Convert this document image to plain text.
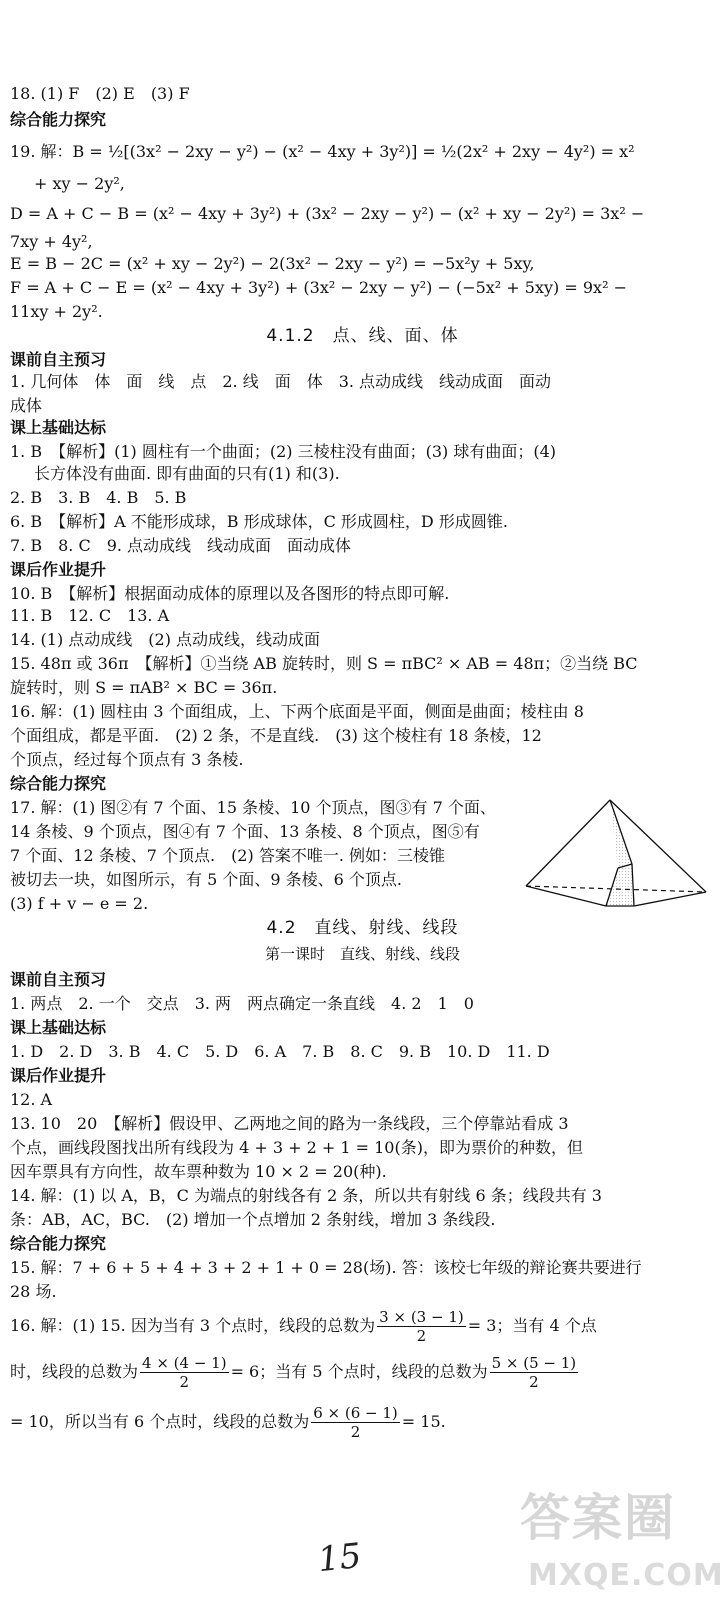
18. (1) F　(2) E　(3) F
综合能力探究
19. 解：B = ½[(3x² − 2xy − y²) − (x² − 4xy + 3y²)] = ½(2x² + 2xy − 4y²) = x²
+ xy − 2y²,
D = A + C − B = (x² − 4xy + 3y²) + (3x² − 2xy − y²) − (x² + xy − 2y²) = 3x² −
7xy + 4y²,
E = B − 2C = (x² + xy − 2y²) − 2(3x² − 2xy − y²) = −5x²y + 5xy,
F = A + C − E = (x² − 4xy + 3y²) + (3x² − 2xy − y²) − (−5x² + 5xy) = 9x² −
11xy + 2y².
4.1.2　点、线、面、体
课前自主预习
1. 几何体　体　面　线　点　2. 线　面　体　3. 点动成线　线动成面　面动
成体
课上基础达标
1. B　【解析】(1) 圆柱有一个曲面；(2) 三棱柱没有曲面；(3) 球有曲面；(4)
长方体没有曲面. 即有曲面的只有(1) 和(3).
2. B　3. B　4. B　5. B
6. B　【解析】A 不能形成球，B 形成球体，C 形成圆柱，D 形成圆锥.
7. B　8. C　9. 点动成线　线动成面　面动成体
课后作业提升
10. B　【解析】根据面动成体的原理以及各图形的特点即可解.
11. B　12. C　13. A
14. (1) 点动成线　(2) 点动成线，线动成面
15. 48π 或 36π　【解析】①当绕 AB 旋转时，则 S = πBC² × AB = 48π；②当绕 BC
旋转时，则 S = πAB² × BC = 36π.
16. 解：(1) 圆柱由 3 个面组成，上、下两个底面是平面，侧面是曲面；棱柱由 8
个面组成，都是平面.　(2) 2 条，不是直线.　(3) 这个棱柱有 18 条棱，12
个顶点，经过每个顶点有 3 条棱.
综合能力探究
17. 解：(1) 图②有 7 个面、15 条棱、10 个顶点，图③有 7 个面、
14 条棱、9 个顶点，图④有 7 个面、13 条棱、8 个顶点，图⑤有
7 个面、12 条棱、7 个顶点.　(2) 答案不唯一. 例如：三棱锥
被切去一块，如图所示，有 5 个面、9 条棱、6 个顶点.
(3) f + v − e = 2.
4.2　直线、射线、线段
第一课时　直线、射线、线段
课前自主预习
1. 两点　2. 一个　交点　3. 两　两点确定一条直线　4. 2　1　0
课上基础达标
1. D　2. D　3. B　4. C　5. D　6. A　7. B　8. C　9. B　10. D　11. D
课后作业提升
12. A
13. 10　20　【解析】假设甲、乙两地之间的路为一条线段，三个停靠站看成 3
个点，画线段图找出所有线段为 4 + 3 + 2 + 1 = 10(条)，即为票价的种数，但
因车票具有方向性，故车票种数为 10 × 2 = 20(种).
14. 解：(1) 以 A，B，C 为端点的射线各有 2 条，所以共有射线 6 条；线段共有 3
条：AB，AC，BC.　(2) 增加一个点增加 2 条射线，增加 3 条线段.
综合能力探究
15. 解：7 + 6 + 5 + 4 + 3 + 2 + 1 + 0 = 28(场). 答：该校七年级的辩论赛共要进行
28 场.
16. 解：(1) 15. 因为当有 3 个点时，线段的总数为 $\frac{3 \times (3 - 1)}{2} = 3$；当有 4 个点
时，线段的总数为 $\frac{4 \times (4 - 1)}{2} = 6$；当有 5 个点时，线段的总数为 $\frac{5 \times (5 - 1)}{2}$
= 10，所以当有 6 个点时，线段的总数为 $\frac{6 \times (6 - 1)}{2} = 15$.
15
答案圈
MXQE.COM
